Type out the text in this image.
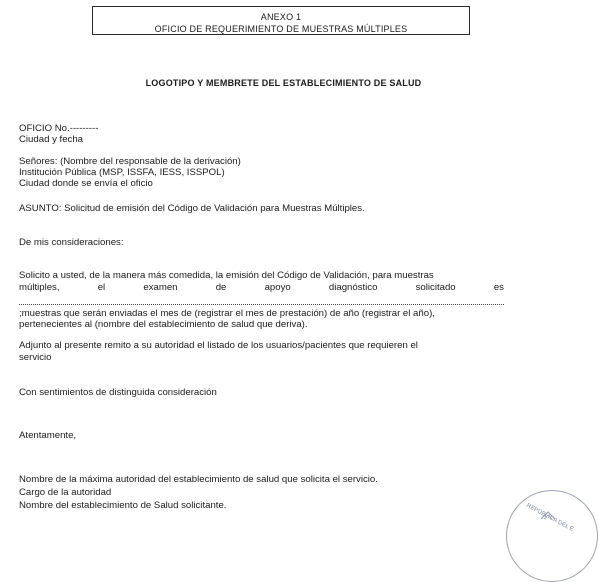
ANEXO 1
OFICIO DE REQUERIMIENTO DE MUESTRAS MÚLTIPLES
LOGOTIPO Y MEMBRETE DEL ESTABLECIMIENTO DE SALUD
OFICIO No.---------
Ciudad y fecha
Señores: (Nombre del responsable de la derivación)
Institución Pública (MSP, ISSFA, IESS, ISSPOL)
Ciudad donde se envía el oficio
ASUNTO: Solicitud de emisión del Código de Validación para Muestras Múltiples.
De mis consideraciones:
Solicito a usted, de la manera más comedida, la emisión del Código de Validación, para muestras
múltiples,	el	examen	de	apoyo	diagnóstico	solicitado	es
;muestras que serán enviadas el mes de (registrar el mes de prestación) de año (registrar el año),
pertenecientes al (nombre del establecimiento de salud que deriva).
Adjunto al presente remito a su autoridad el listado de los usuarios/pacientes que requieren el
servicio
Con sentimientos de distinguida consideración
Atentamente,
Nombre de la máxima autoridad del establecimiento de salud que solicita el servicio.
Cargo de la autoridad
Nombre del establecimiento de Salud solicitante.	REPÚBLICA DEL E
